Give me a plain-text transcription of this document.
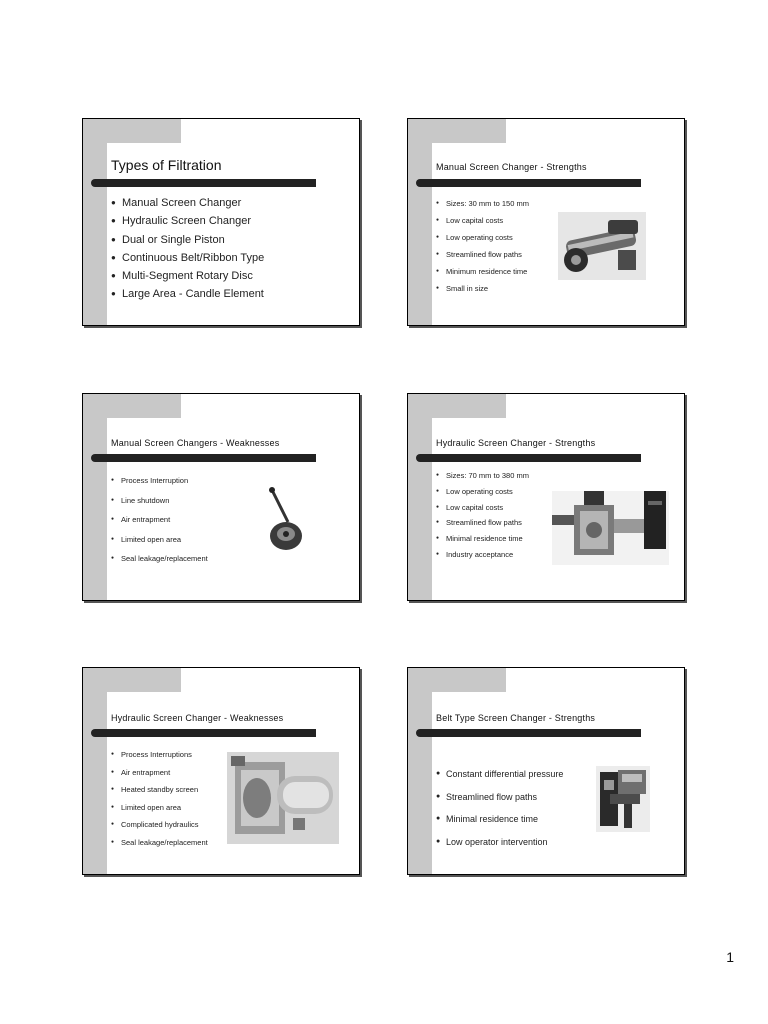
Types of Filtration
● Manual Screen Changer
● Hydraulic Screen Changer
● Dual or Single Piston
● Continuous Belt/Ribbon Type
● Multi-Segment Rotary Disc
● Large Area - Candle Element
Manual Screen Changer - Strengths
● Sizes: 30 mm to 150 mm
● Low capital costs
● Low operating costs
● Streamlined flow paths
● Minimum residence time
● Small in size
Manual Screen Changers - Weaknesses
● Process Interruption
● Line shutdown
● Air entrapment
● Limited open area
● Seal leakage/replacement
Hydraulic Screen Changer - Strengths
● Sizes: 70 mm to 380 mm
● Low operating costs
● Low capital costs
● Streamlined flow paths
● Minimal residence time
● Industry acceptance
Hydraulic Screen Changer - Weaknesses
● Process Interruptions
● Air entrapment
● Heated standby screen
● Limited open area
● Complicated hydraulics
● Seal leakage/replacement
Belt Type Screen Changer - Strengths
● Constant differential pressure
● Streamlined flow paths
● Minimal residence time
● Low operator intervention
1
